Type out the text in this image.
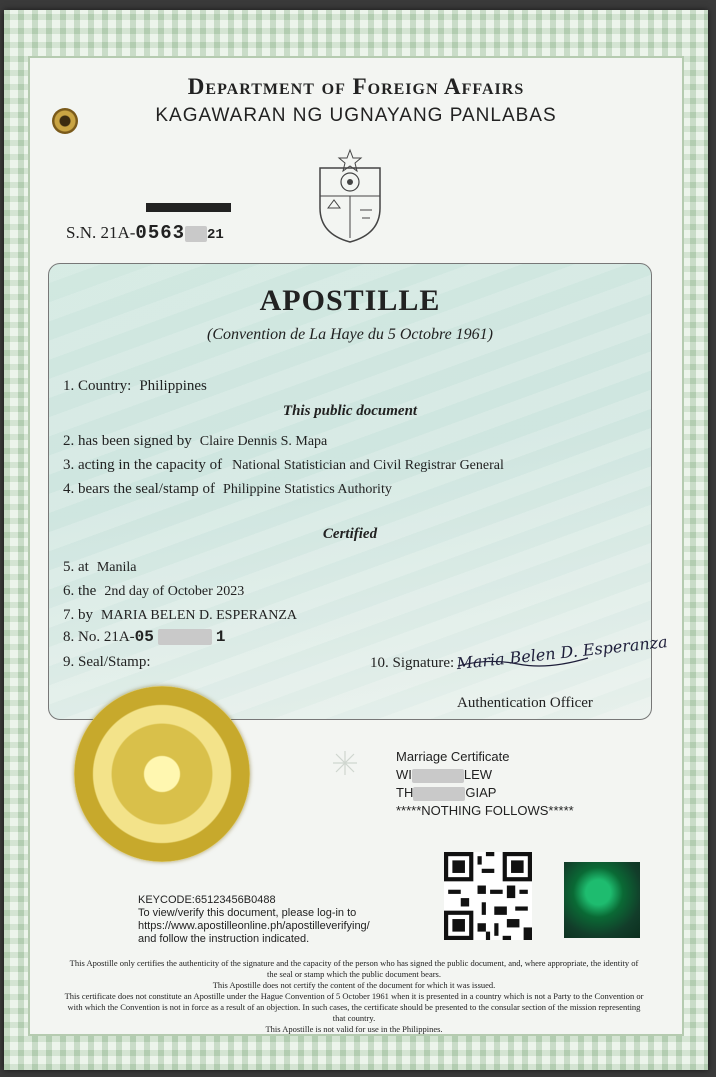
Department of Foreign Affairs
KAGAWARAN NG UGNAYANG PANLABAS
S.N. 21A-0563 21
APOSTILLE
(Convention de La Haye du 5 Octobre 1961)
1. Country: Philippines
This public document
2. has been signed by Claire Dennis S. Mapa
3. acting in the capacity of National Statistician and Civil Registrar General
4. bears the seal/stamp of Philippine Statistics Authority
Certified
5. at Manila
6. the 2nd day of October 2023
7. by MARIA BELEN D. ESPERANZA
8. No. 21A-05	1
9. Seal/Stamp:	10. Signature: Maria Belen D. Esperanza
Authentication Officer
Marriage Certificate
WI	LEW
TH	GIAP
*****NOTHING FOLLOWS*****
KEYCODE:65123456B0488
To view/verify this document, please log-in to
https://www.apostilleonline.ph/apostilleverifying/
and follow the instruction indicated.
This Apostille only certifies the authenticity of the signature and the capacity of the person who has signed the public document, and, where appropriate, the identity of the seal or stamp which the public document bears.
This Apostille does not certify the content of the document for which it was issued.
This certificate does not constitute an Apostille under the Hague Convention of 5 October 1961 when it is presented in a country which is not a Party to the Convention or with which the Convention is not in force as a result of an objection. In such cases, the certificate should be presented to the consular section of the mission representing that country.
This Apostille is not valid for use in the Philippines.
